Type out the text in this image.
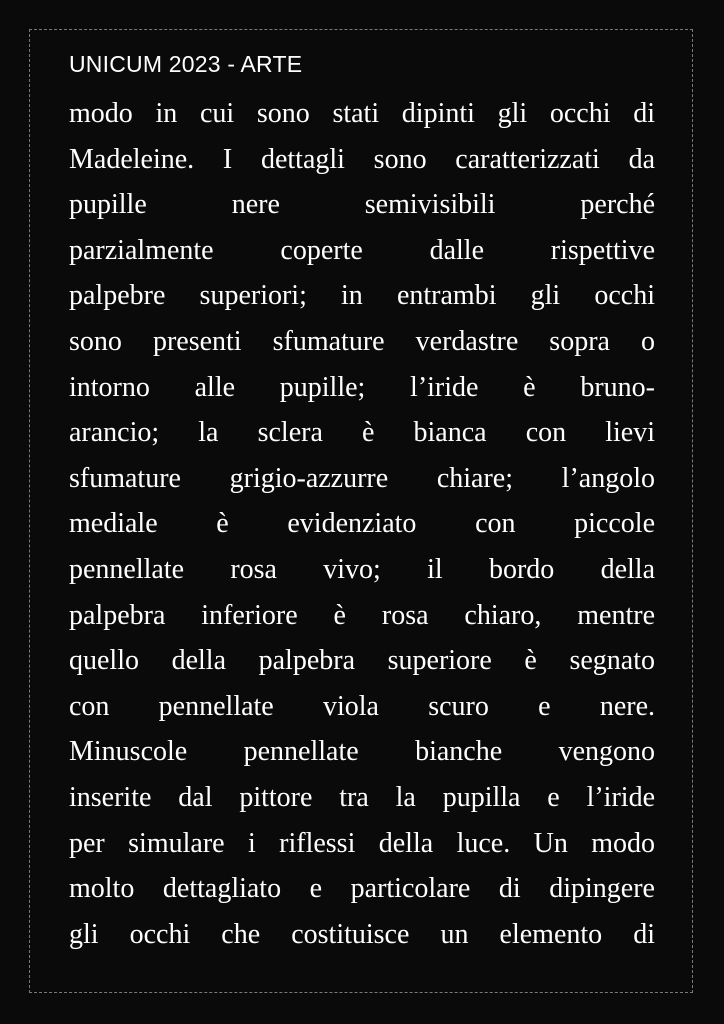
UNICUM 2023 - ARTE
modo in cui sono stati dipinti gli occhi di
Madeleine. I dettagli sono caratterizzati da
pupille nere semivisibili perché
parzialmente coperte dalle rispettive
palpebre superiori; in entrambi gli occhi
sono presenti sfumature verdastre sopra o
intorno alle pupille; l’iride è bruno-
arancio; la sclera è bianca con lievi
sfumature grigio-azzurre chiare; l’angolo
mediale è evidenziato con piccole
pennellate rosa vivo; il bordo della
palpebra inferiore è rosa chiaro, mentre
quello della palpebra superiore è segnato
con pennellate viola scuro e nere.
Minuscole pennellate bianche vengono
inserite dal pittore tra la pupilla e l’iride
per simulare i riflessi della luce. Un modo
molto dettagliato e particolare di dipingere
gli occhi che costituisce un elemento di
